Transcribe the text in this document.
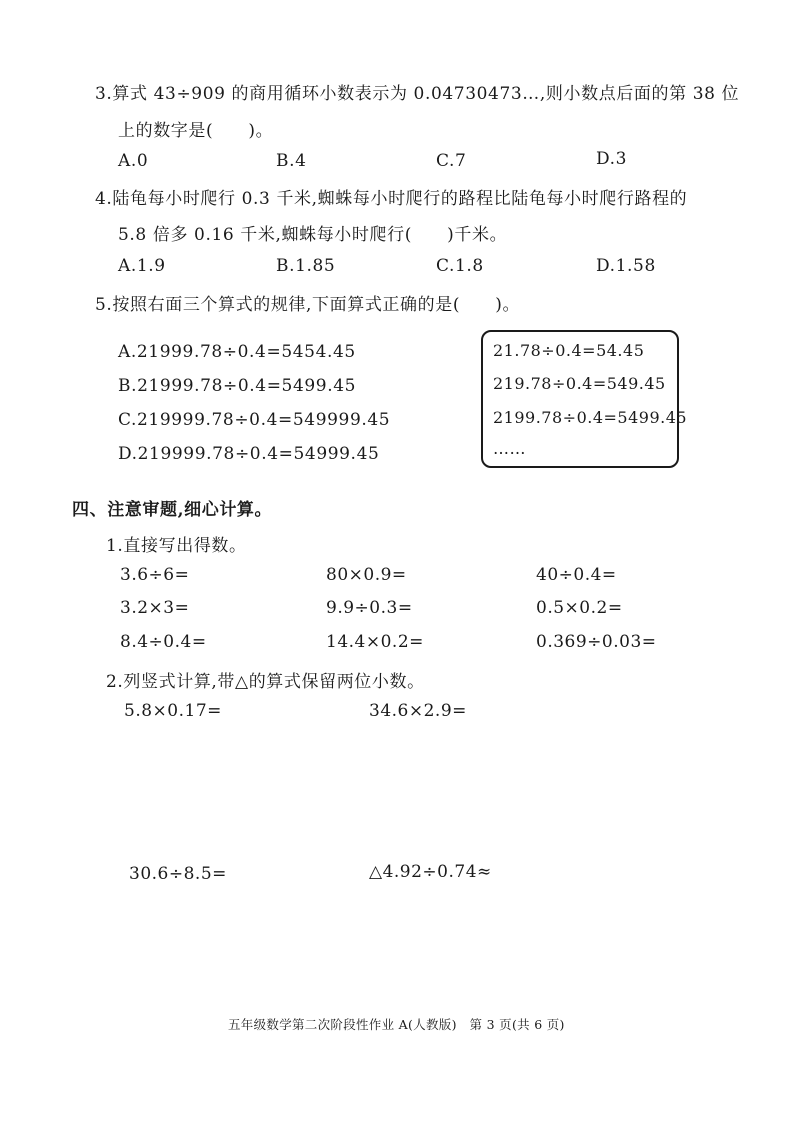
3.算式 43÷909 的商用循环小数表示为 0.04730473…,则小数点后面的第 38 位
上的数字是(　　)。
A.0	B.4	C.7	D.3
4.陆龟每小时爬行 0.3 千米,蜘蛛每小时爬行的路程比陆龟每小时爬行路程的
5.8 倍多 0.16 千米,蜘蛛每小时爬行(　　)千米。
A.1.9	B.1.85	C.1.8	D.1.58
5.按照右面三个算式的规律,下面算式正确的是(　　)。
A.21999.78÷0.4=5454.45
B.21999.78÷0.4=5499.45
C.219999.78÷0.4=549999.45
D.219999.78÷0.4=54999.45
21.78÷0.4=54.45
219.78÷0.4=549.45
2199.78÷0.4=5499.45
……
四、注意审题,细心计算。
1.直接写出得数。
3.6÷6=	80×0.9=	40÷0.4=
3.2×3=	9.9÷0.3=	0.5×0.2=
8.4÷0.4=	14.4×0.2=	0.369÷0.03=
2.列竖式计算,带△的算式保留两位小数。
5.8×0.17=	34.6×2.9=
30.6÷8.5=	△4.92÷0.74≈
五年级数学第二次阶段性作业 A(人教版)　第 3 页(共 6 页)
